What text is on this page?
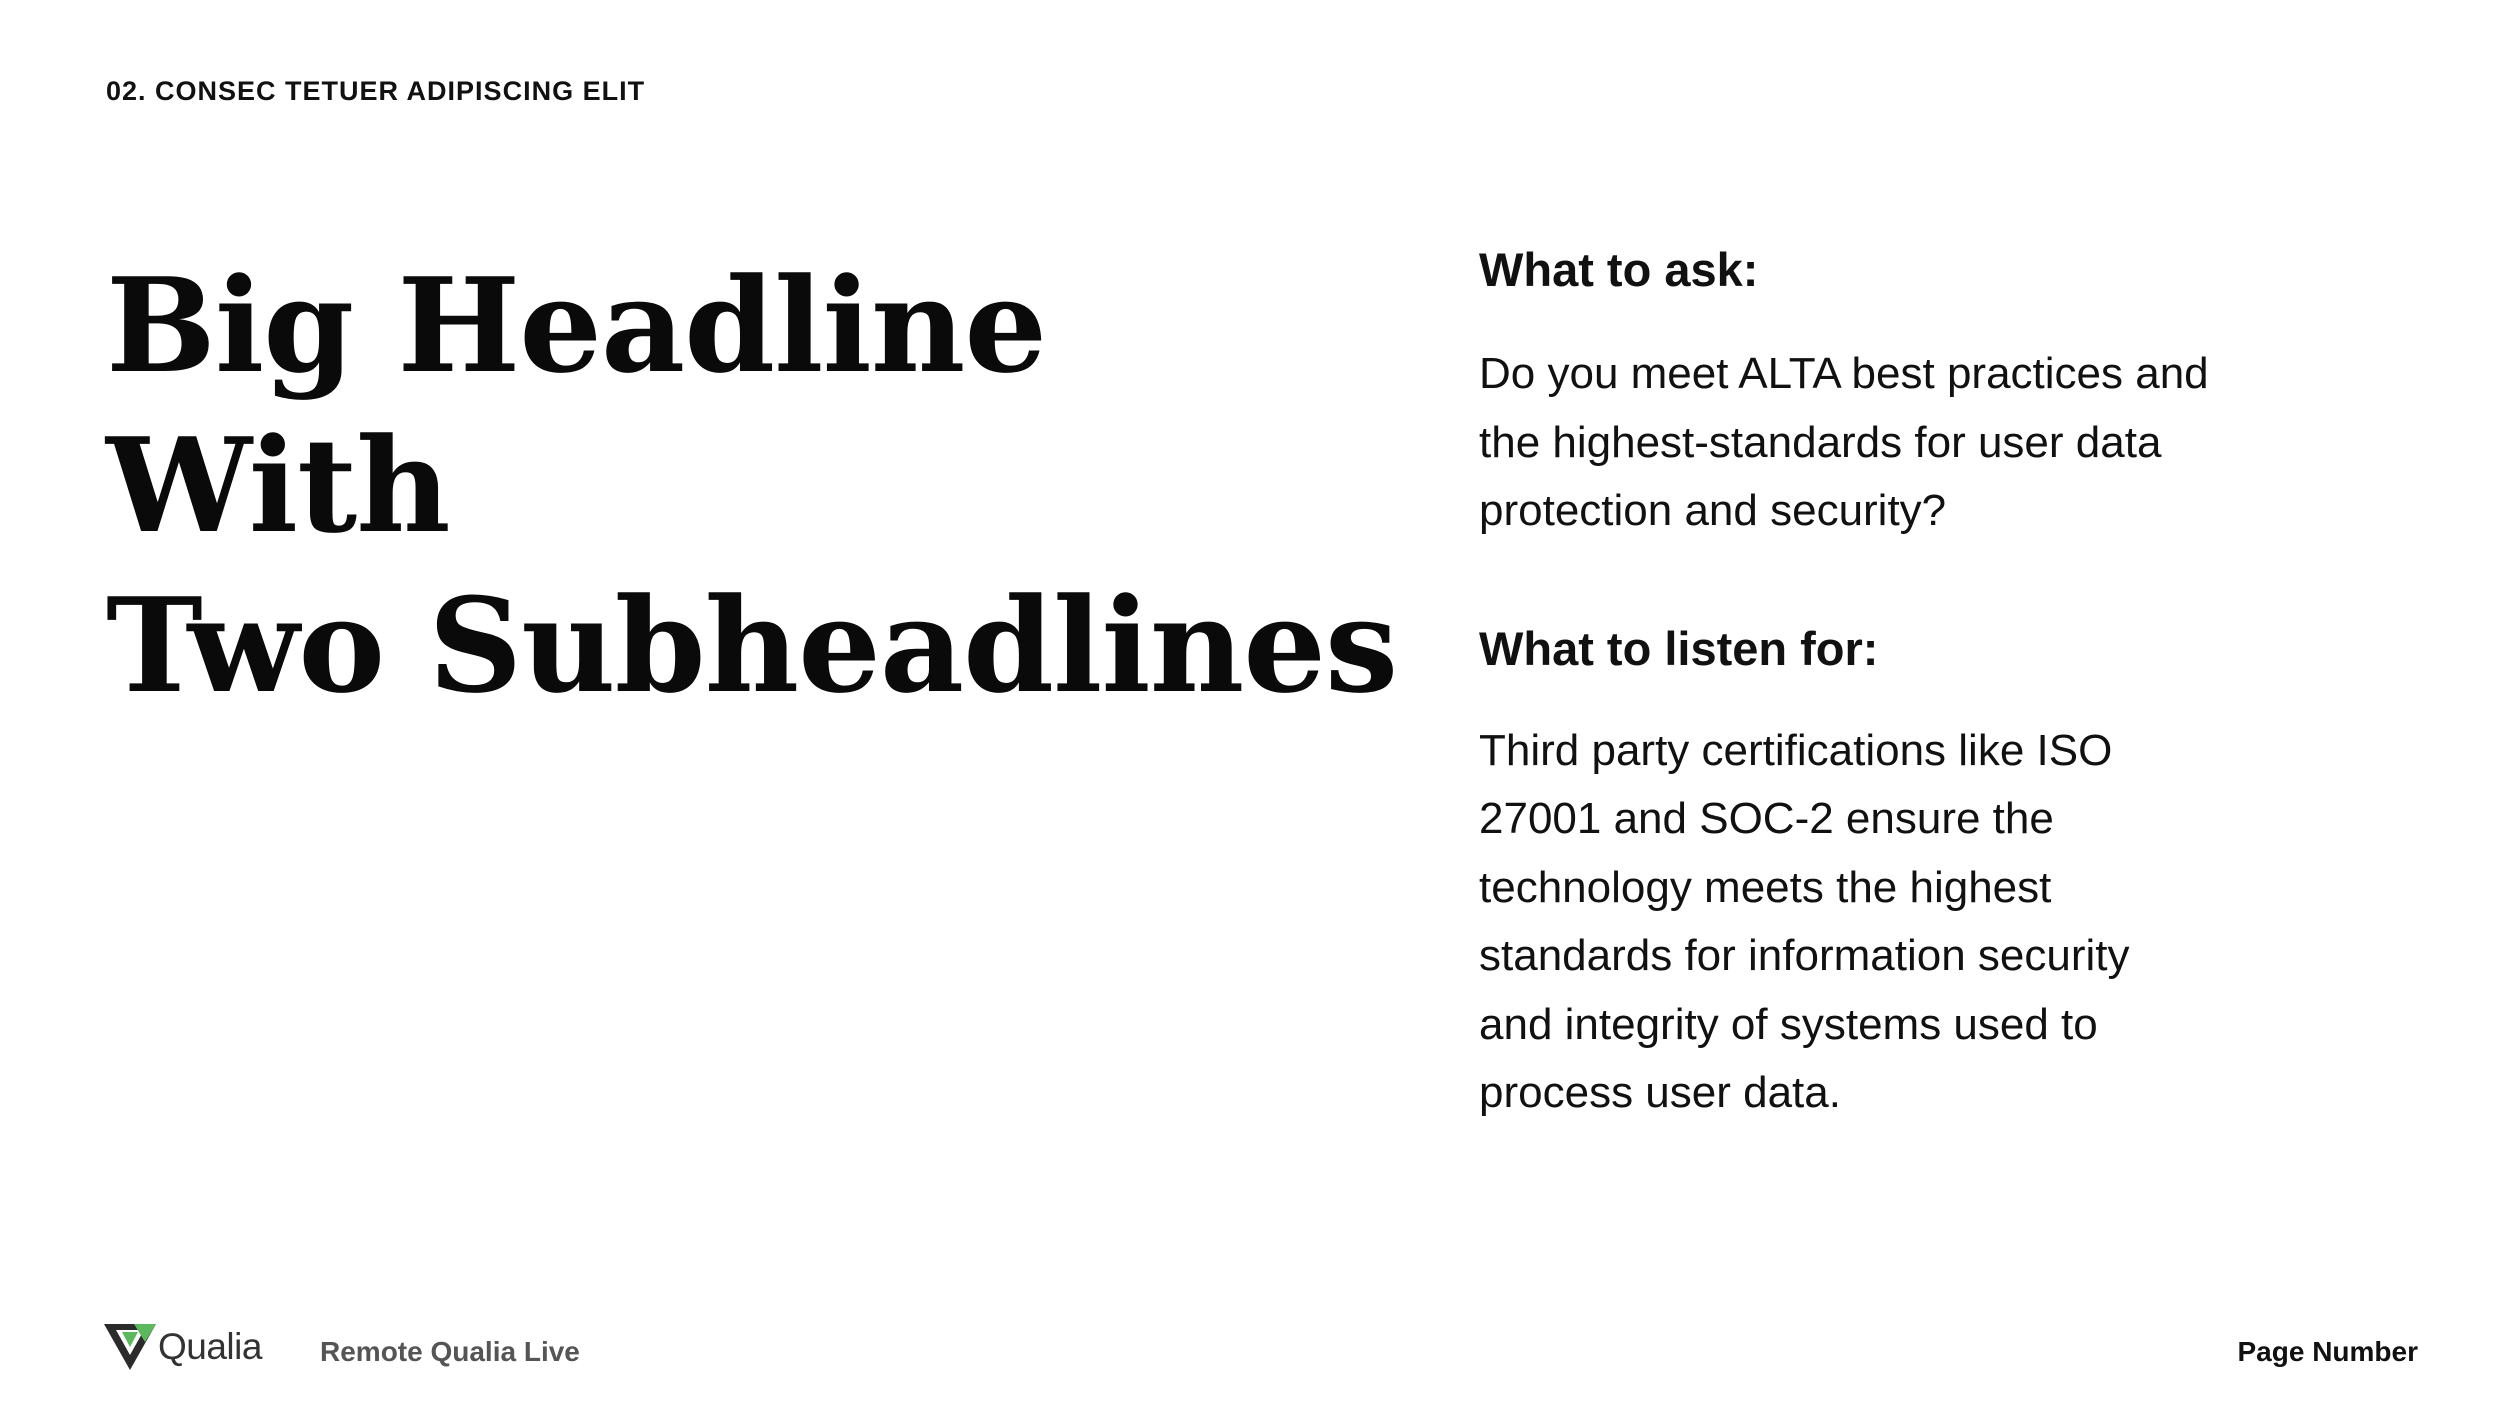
02. CONSEC TETUER ADIPISCING ELIT
Big Headline With
Two Subheadlines

What to ask:

Do you meet ALTA best practices and
the highest-standards for user data
protection and security?

What to listen for:

Third party certifications like ISO
27001 and SOC-2 ensure the
technology meets the highest
standards for information security
and integrity of systems used to
process user data.

Qualia Remote Qualia Live	Page Number
